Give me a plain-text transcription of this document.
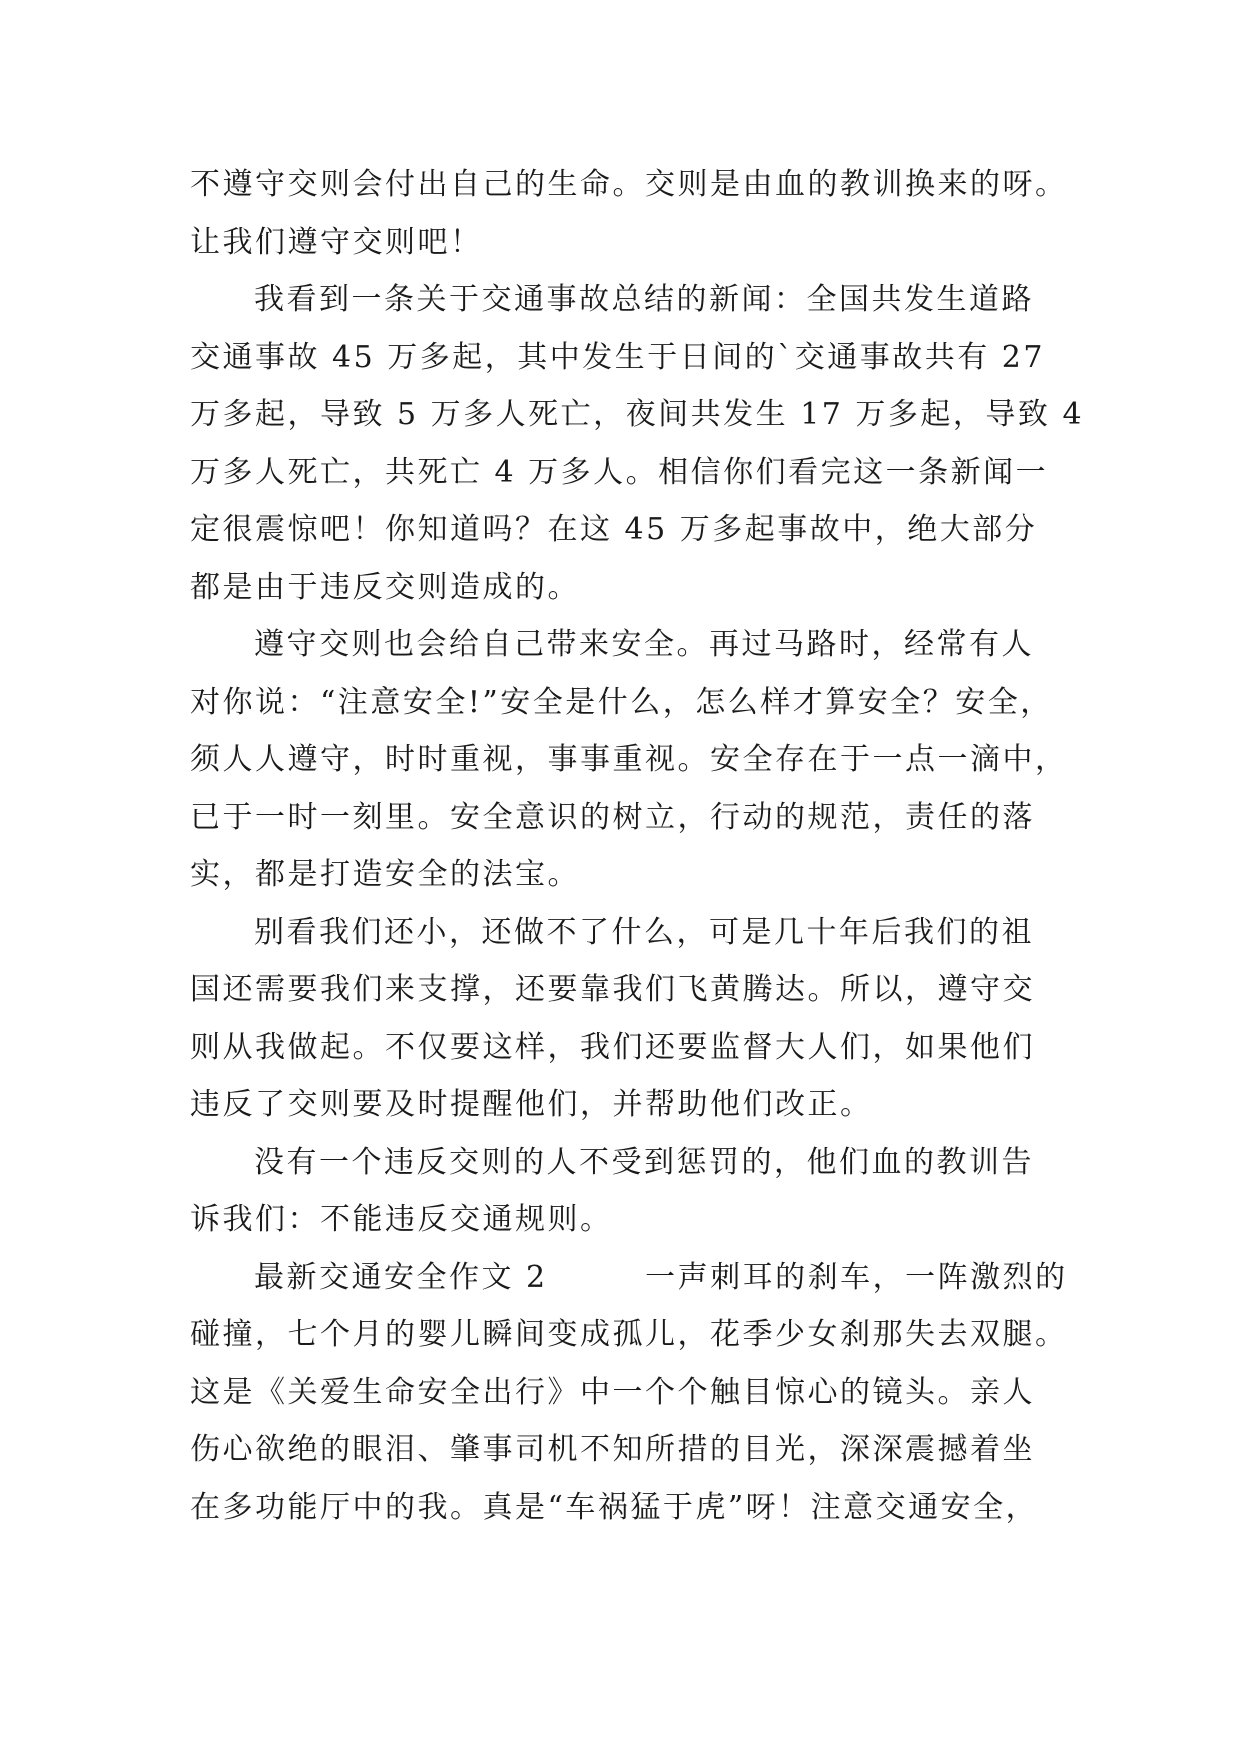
不遵守交则会付出自己的生命。交则是由血的教训换来的呀。
让我们遵守交则吧！
我看到一条关于交通事故总结的新闻：全国共发生道路
交通事故 45 万多起，其中发生于日间的`交通事故共有 27
万多起，导致 5 万多人死亡，夜间共发生 17 万多起，导致 4
万多人死亡，共死亡 4 万多人。相信你们看完这一条新闻一
定很震惊吧！你知道吗？在这 45 万多起事故中，绝大部分
都是由于违反交则造成的。
遵守交则也会给自己带来安全。再过马路时，经常有人
对你说：“注意安全!”安全是什么，怎么样才算安全？安全，
须人人遵守，时时重视，事事重视。安全存在于一点一滴中，
已于一时一刻里。安全意识的树立，行动的规范，责任的落
实，都是打造安全的法宝。
别看我们还小，还做不了什么，可是几十年后我们的祖
国还需要我们来支撑，还要靠我们飞黄腾达。所以，遵守交
则从我做起。不仅要这样，我们还要监督大人们，如果他们
违反了交则要及时提醒他们，并帮助他们改正。
没有一个违反交则的人不受到惩罚的，他们血的教训告
诉我们：不能违反交通规则。
最新交通安全作文 2　　　一声刺耳的刹车，一阵激烈的
碰撞，七个月的婴儿瞬间变成孤儿，花季少女刹那失去双腿。
这是《关爱生命安全出行》中一个个触目惊心的镜头。亲人
伤心欲绝的眼泪、肇事司机不知所措的目光，深深震撼着坐
在多功能厅中的我。真是“车祸猛于虎”呀！注意交通安全，
